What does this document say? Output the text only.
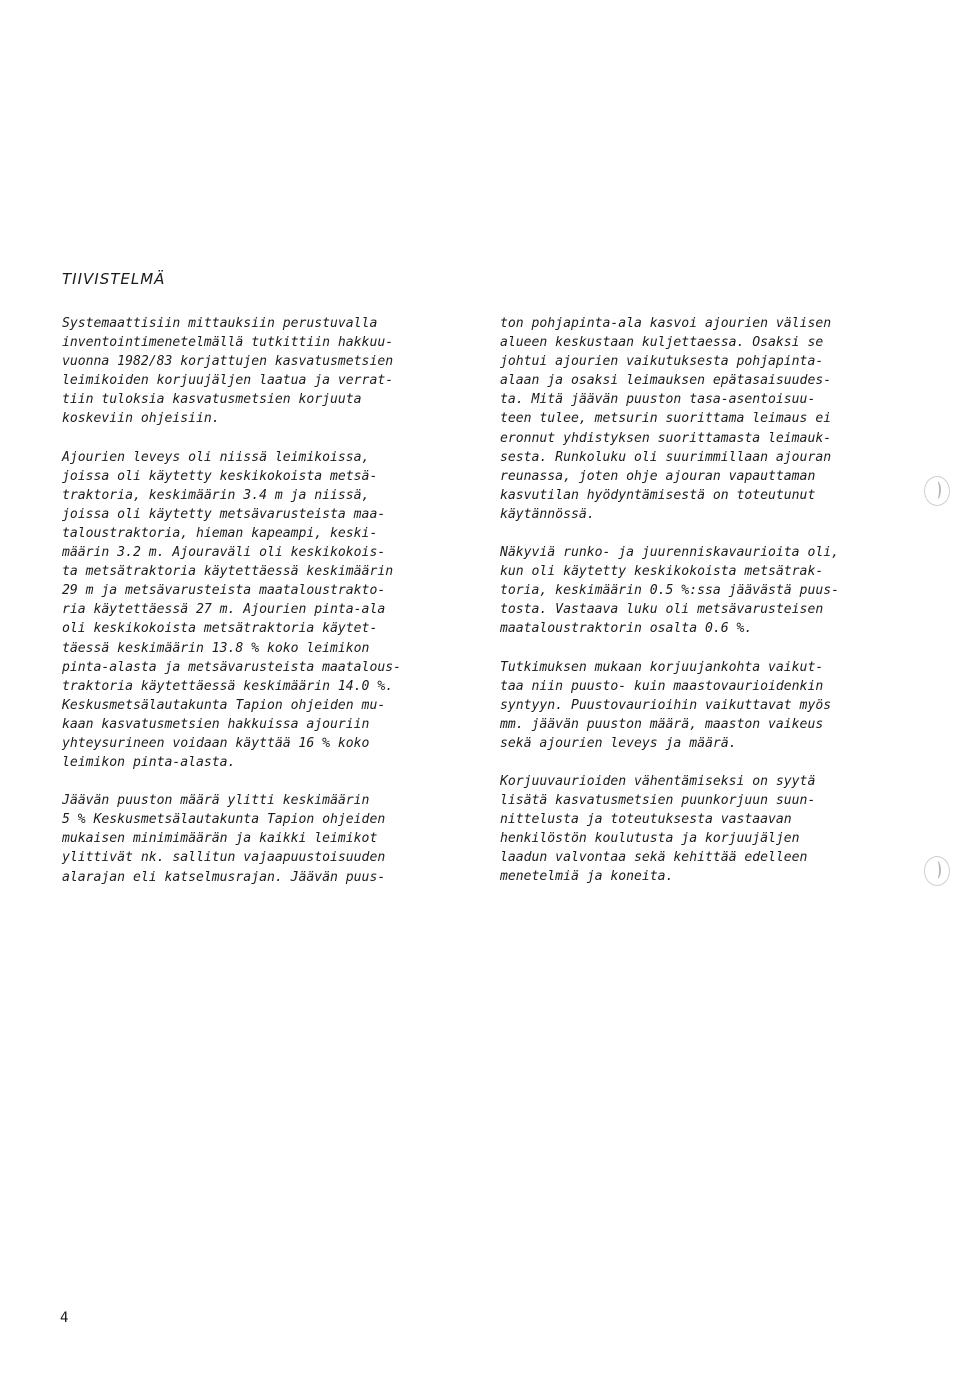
TIIVISTELMÄ

Systemaattisiin mittauksiin perustuvalla
inventointimenetelmällä tutkittiin hakkuu-
vuonna 1982/83 korjattujen kasvatusmetsien
leimikoiden korjuujäljen laatua ja verrat-
tiin tuloksia kasvatusmetsien korjuuta
koskeviin ohjeisiin.

Ajourien leveys oli niissä leimikoissa,
joissa oli käytetty keskikokoista metsä-
traktoria, keskimäärin 3.4 m ja niissä,
joissa oli käytetty metsävarusteista maa-
taloustraktoria, hieman kapeampi, keski-
määrin 3.2 m. Ajouraväli oli keskikokois-
ta metsätraktoria käytettäessä keskimäärin
29 m ja metsävarusteista maataloustrakto-
ria käytettäessä 27 m. Ajourien pinta-ala
oli keskikokoista metsätraktoria käytet-
täessä keskimäärin 13.8 % koko leimikon
pinta-alasta ja metsävarusteista maatalous-
traktoria käytettäessä keskimäärin 14.0 %.
Keskusmetsälautakunta Tapion ohjeiden mu-
kaan kasvatusmetsien hakkuissa ajouriin
yhteysurineen voidaan käyttää 16 % koko
leimikon pinta-alasta.

Jäävän puuston määrä ylitti keskimäärin
5 % Keskusmetsälautakunta Tapion ohjeiden
mukaisen minimimäärän ja kaikki leimikot
ylittivät nk. sallitun vajaapuustoisuuden
alarajan eli katselmusrajan. Jäävän puus-

ton pohjapinta-ala kasvoi ajourien välisen
alueen keskustaan kuljettaessa. Osaksi se
johtui ajourien vaikutuksesta pohjapinta-
alaan ja osaksi leimauksen epätasaisuudes-
ta. Mitä jäävän puuston tasa-asentoisuu-
teen tulee, metsurin suorittama leimaus ei
eronnut yhdistyksen suorittamasta leimauk-
sesta. Runkoluku oli suurimmillaan ajouran
reunassa, joten ohje ajouran vapauttaman
kasvutilan hyödyntämisestä on toteutunut
käytännössä.

Näkyviä runko- ja juurenniskavaurioita oli,
kun oli käytetty keskikokoista metsätrak-
toria, keskimäärin 0.5 %:ssa jäävästä puus-
tosta. Vastaava luku oli metsävarusteisen
maataloustraktorin osalta 0.6 %.

Tutkimuksen mukaan korjuujankohta vaikut-
taa niin puusto- kuin maastovaurioidenkin
syntyyn. Puustovaurioihin vaikuttavat myös
mm. jäävän puuston määrä, maaston vaikeus
sekä ajourien leveys ja määrä.

Korjuuvaurioiden vähentämiseksi on syytä
lisätä kasvatusmetsien puunkorjuun suun-
nittelusta ja toteutuksesta vastaavan
henkilöstön koulutusta ja korjuujäljen
laadun valvontaa sekä kehittää edelleen
menetelmiä ja koneita.

4
